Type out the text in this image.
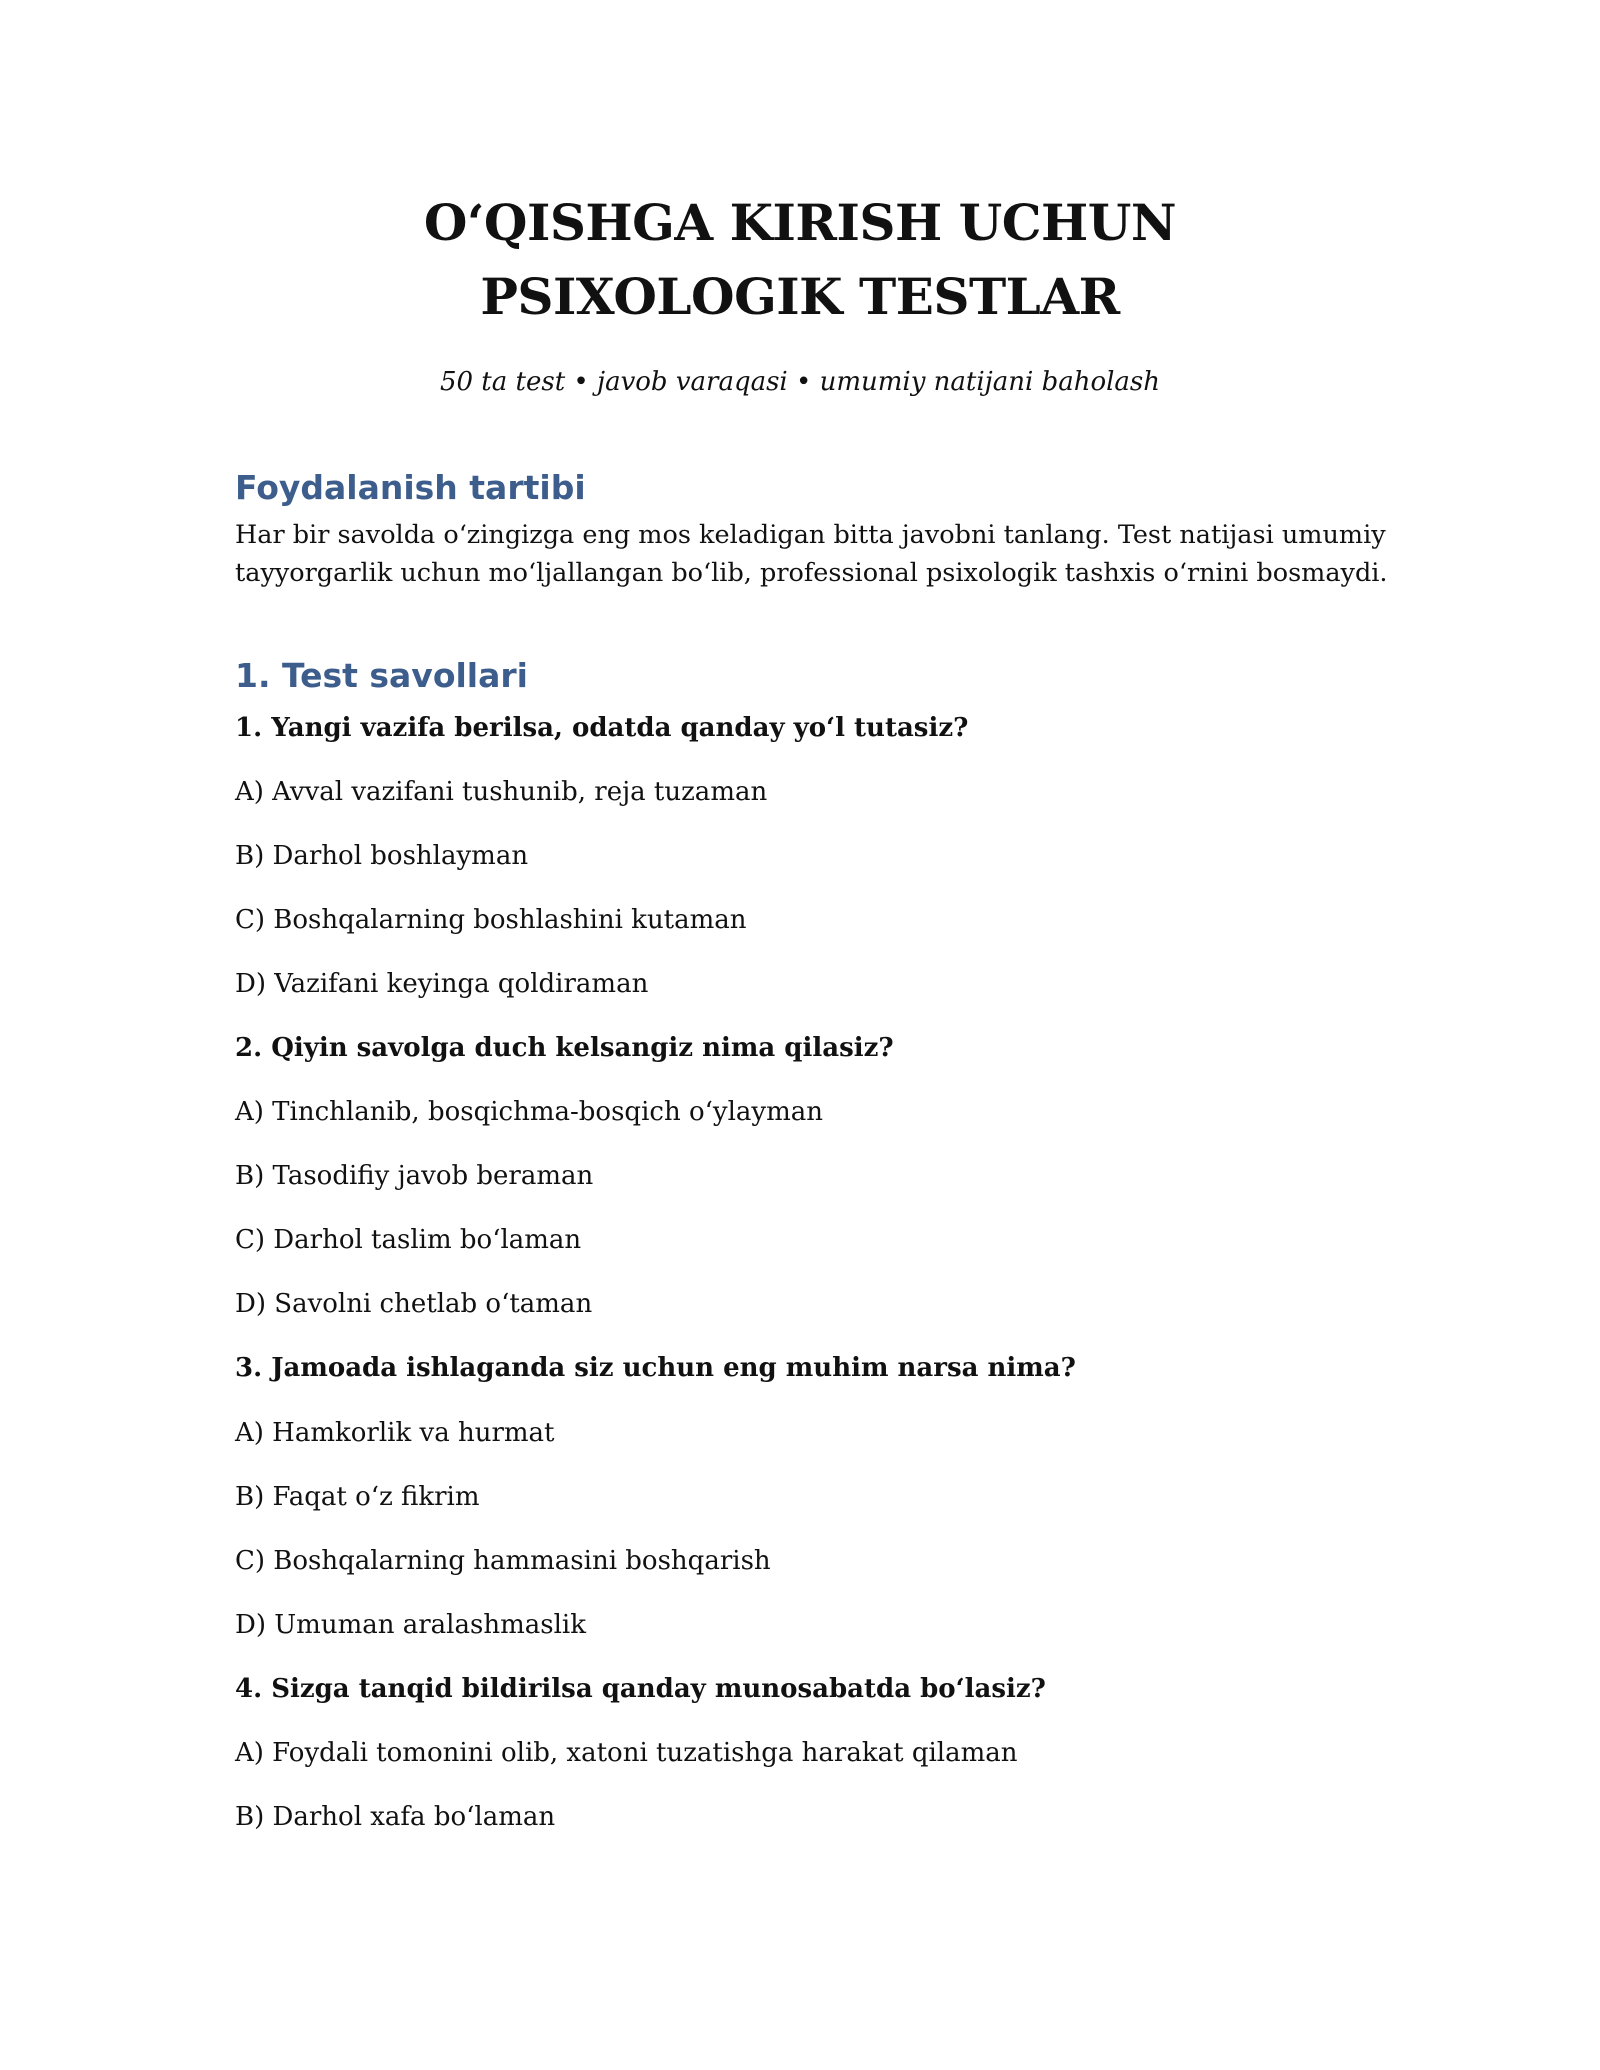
O‘QISHGA KIRISH UCHUN
PSIXOLOGIK TESTLAR
50 ta test • javob varaqasi • umumiy natijani baholash
Foydalanish tartibi
Har bir savolda o‘zingizga eng mos keladigan bitta javobni tanlang. Test natijasi umumiy
tayyorgarlik uchun mo‘ljallangan bo‘lib, professional psixologik tashxis o‘rnini bosmaydi.
1. Test savollari
1. Yangi vazifa berilsa, odatda qanday yo‘l tutasiz?
A) Avval vazifani tushunib, reja tuzaman
B) Darhol boshlayman
C) Boshqalarning boshlashini kutaman
D) Vazifani keyinga qoldiraman
2. Qiyin savolga duch kelsangiz nima qilasiz?
A) Tinchlanib, bosqichma-bosqich o‘ylayman
B) Tasodifiy javob beraman
C) Darhol taslim bo‘laman
D) Savolni chetlab o‘taman
3. Jamoada ishlaganda siz uchun eng muhim narsa nima?
A) Hamkorlik va hurmat
B) Faqat o‘z fikrim
C) Boshqalarning hammasini boshqarish
D) Umuman aralashmaslik
4. Sizga tanqid bildirilsa qanday munosabatda bo‘lasiz?
A) Foydali tomonini olib, xatoni tuzatishga harakat qilaman
B) Darhol xafa bo‘laman
